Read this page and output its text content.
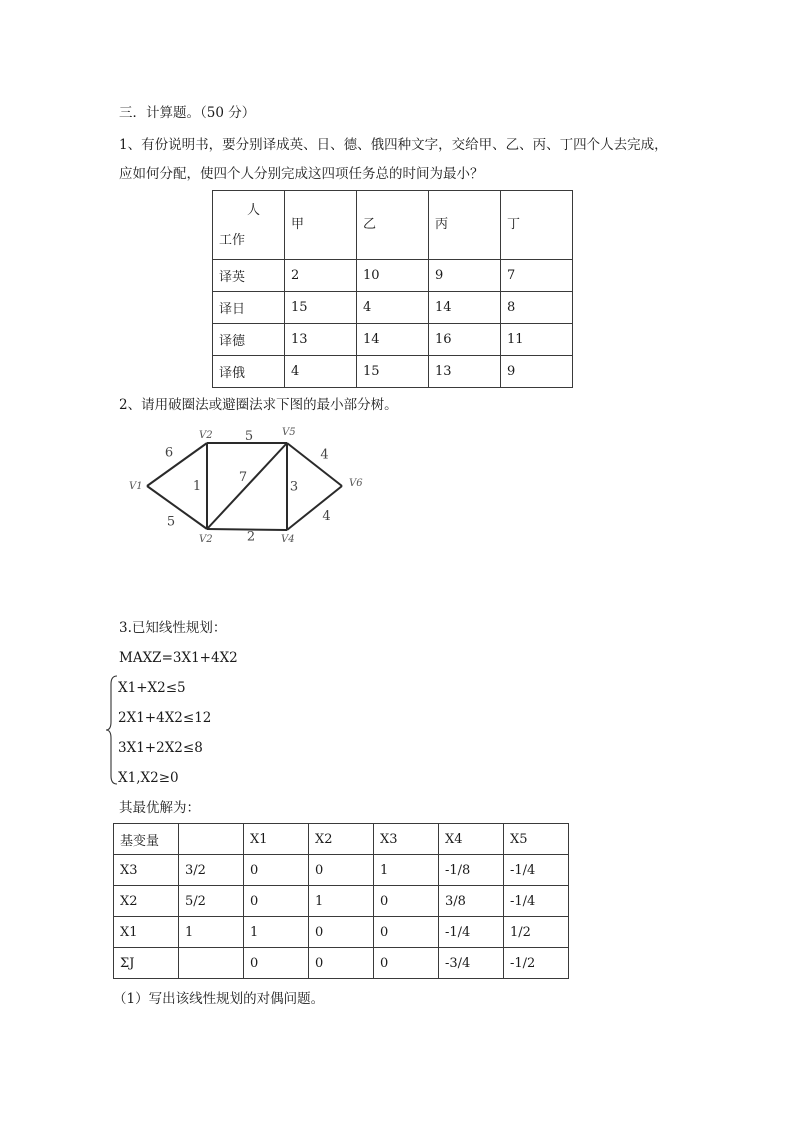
三．计算题。（50 分）
1、有份说明书，要分别译成英、日、德、俄四种文字，交给甲、乙、丙、丁四个人去完成，
应如何分配，使四个人分别完成这四项任务总的时间为最小？
人
工作	甲	乙	丙	丁
译英	2	10	9	7
译日	15	4	14	8
译德	13	14	16	11
译俄	4	15	13	9
2、请用破圈法或避圈法求下图的最小部分树。
6
5
1
5
7
2
3
4
4
V1
V2
V2
V5
V4
V6
3.已知线性规划：
MAXZ=3X1+4X2
X1+X2≤5
2X1+4X2≤12
3X1+2X2≤8
X1,X2≥0
其最优解为：
基变量		X1	X2	X3	X4	X5
X3	3/2	0	0	1	-1/8	-1/4
X2	5/2	0	1	0	3/8	-1/4
X1	1	1	0	0	-1/4	1/2
ΣJ		0	0	0	-3/4	-1/2
（1）写出该线性规划的对偶问题。
